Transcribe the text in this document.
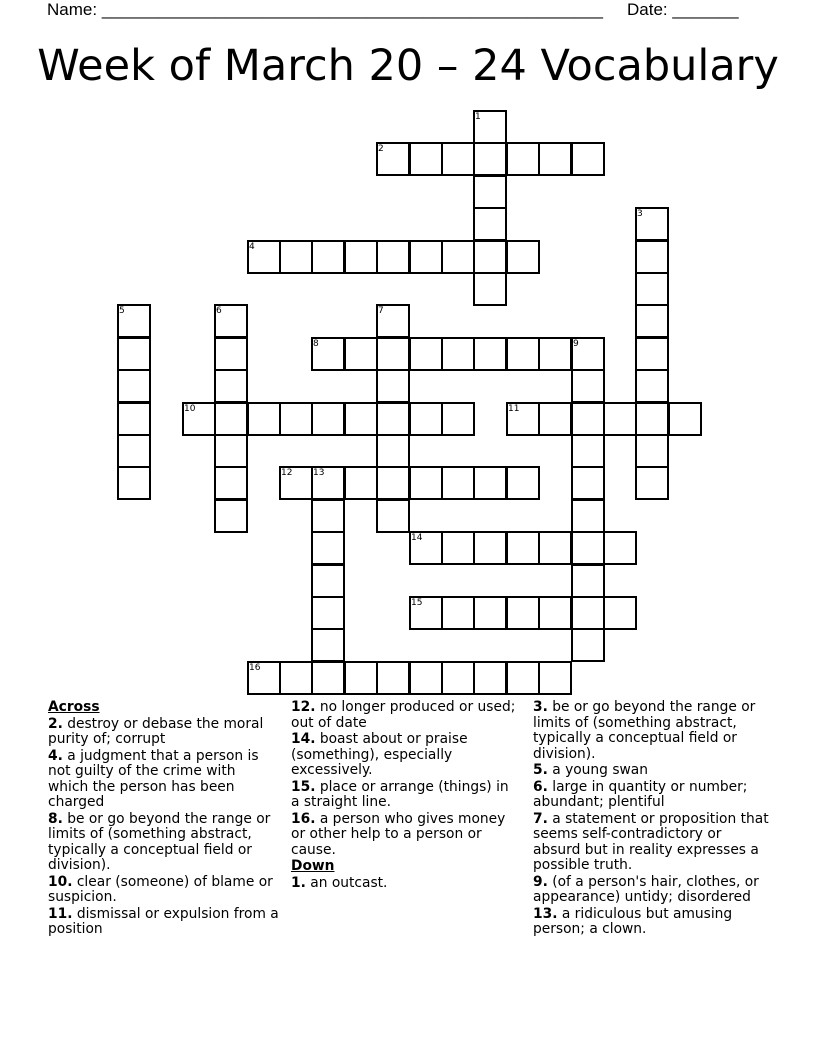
Name: _____________________________________________________ Date: _______
Week of March 20 – 24 Vocabulary
1
2
3
4
5	6	7
8	9
10	11
12 13
14
15
16
Across
2. destroy or debase the moral purity of; corrupt
4. a judgment that a person is not guilty of the crime with which the person has been charged
8. be or go beyond the range or limits of (something abstract, typically a conceptual field or division).
10. clear (someone) of blame or suspicion.
11. dismissal or expulsion from a position
12. no longer produced or used; out of date
14. boast about or praise (something), especially excessively.
15. place or arrange (things) in a straight line.
16. a person who gives money or other help to a person or cause.
Down
1. an outcast.
3. be or go beyond the range or limits of (something abstract, typically a conceptual field or division).
5. a young swan
6. large in quantity or number; abundant; plentiful
7. a statement or proposition that seems self-contradictory or absurd but in reality expresses a possible truth.
9. (of a person's hair, clothes, or appearance) untidy; disordered
13. a ridiculous but amusing person; a clown.
